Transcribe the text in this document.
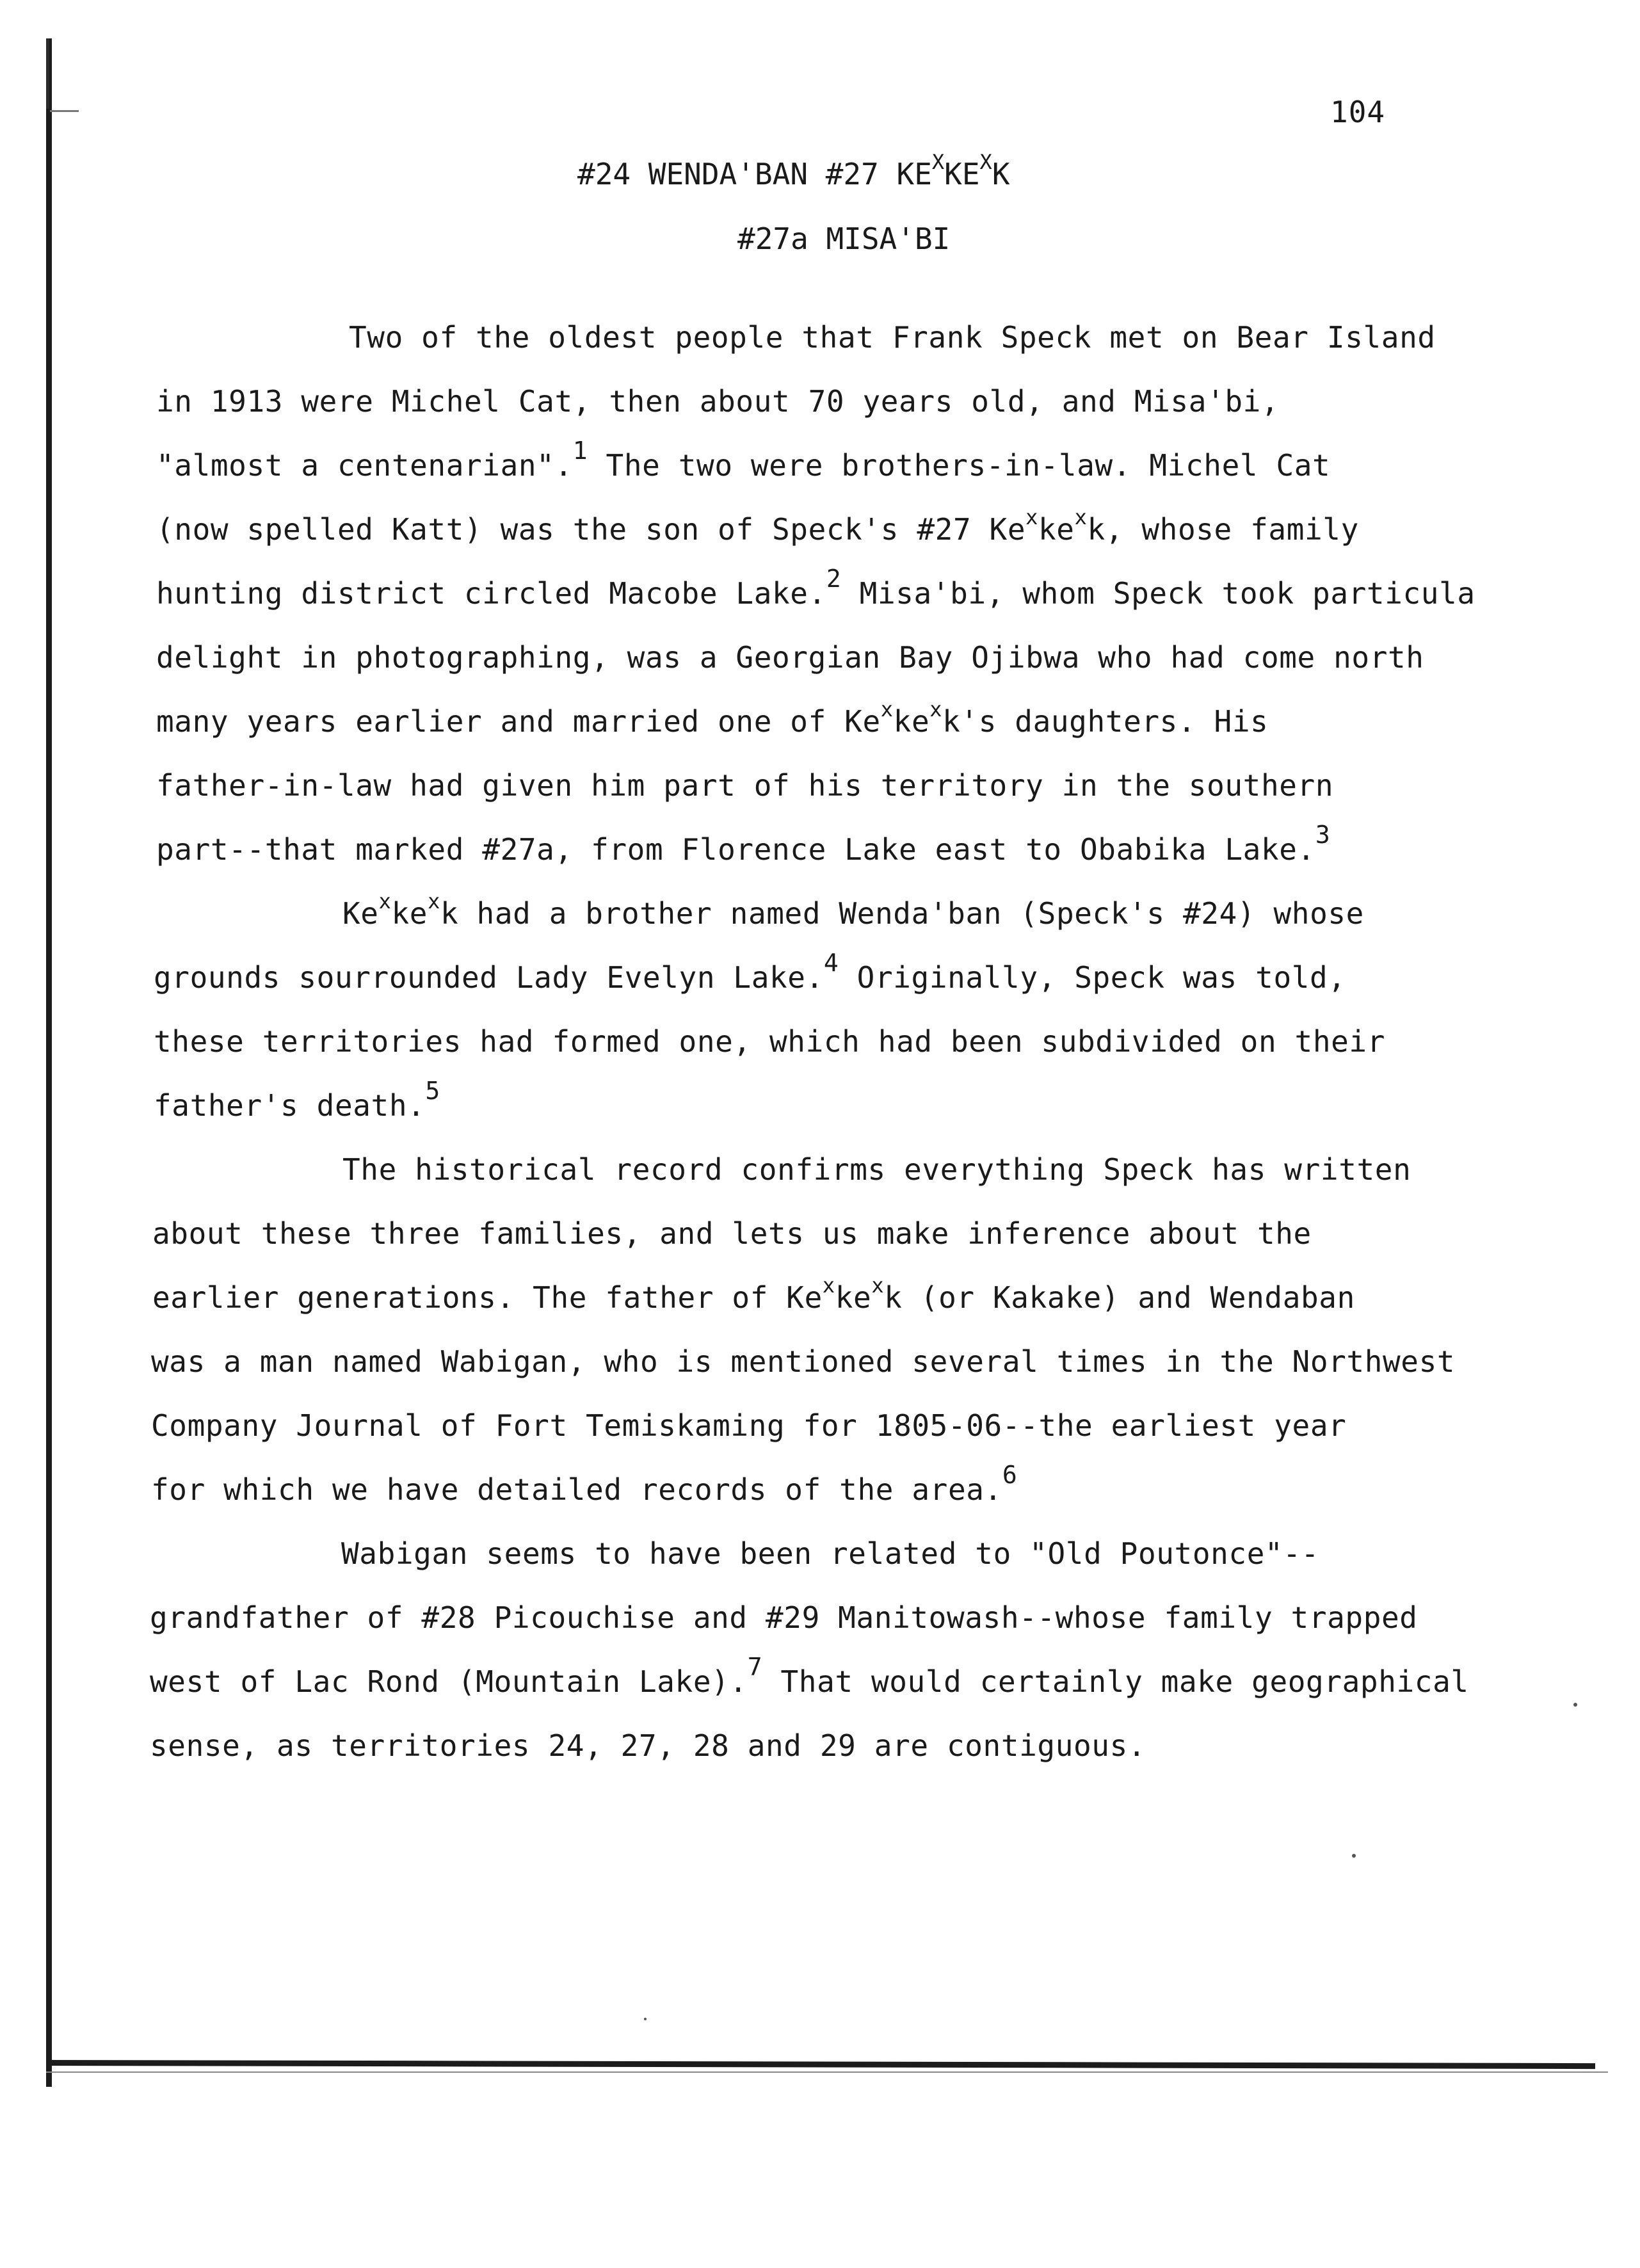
104
#24 WENDA'BAN #27 $KE^XKE^XK$
#27a MISA'BI
Two of the oldest people that Frank Speck met on Bear Island
in 1913 were Michel Cat, then about 70 years old, and Misa'bi,
"almost a centenarian".$^1$ The two were brothers-in-law. Michel Cat
(now spelled Katt) was the son of Speck's #27 $Ke^xke^xk$, whose family
hunting district circled Macobe Lake.$^2$ Misa'bi, whom Speck took particula
delight in photographing, was a Georgian Bay Ojibwa who had come north
many years earlier and married one of $Ke^xke^xk's$ daughters. His
father-in-law had given him part of his territory in the southern
part--that marked #27a, from Florence Lake east to Obabika Lake.$^3$
$Ke^xke^xk$ had a brother named Wenda'ban (Speck's #24) whose
grounds sourrounded Lady Evelyn Lake.$^4$ Originally, Speck was told,
these territories had formed one, which had been subdivided on their
father's death.$^5$
The historical record confirms everything Speck has written
about these three families, and lets us make inference about the
earlier generations. The father of $Ke^xke^xk$ (or Kakake) and Wendaban
was a man named Wabigan, who is mentioned several times in the Northwest
Company Journal of Fort Temiskaming for 1805-06--the earliest year
for which we have detailed records of the area.$^6$
Wabigan seems to have been related to "Old Poutonce"--
grandfather of #28 Picouchise and #29 Manitowash--whose family trapped
west of Lac Rond (Mountain Lake).$^7$ That would certainly make geographical
sense, as territories 24, 27, 28 and 29 are contiguous.
